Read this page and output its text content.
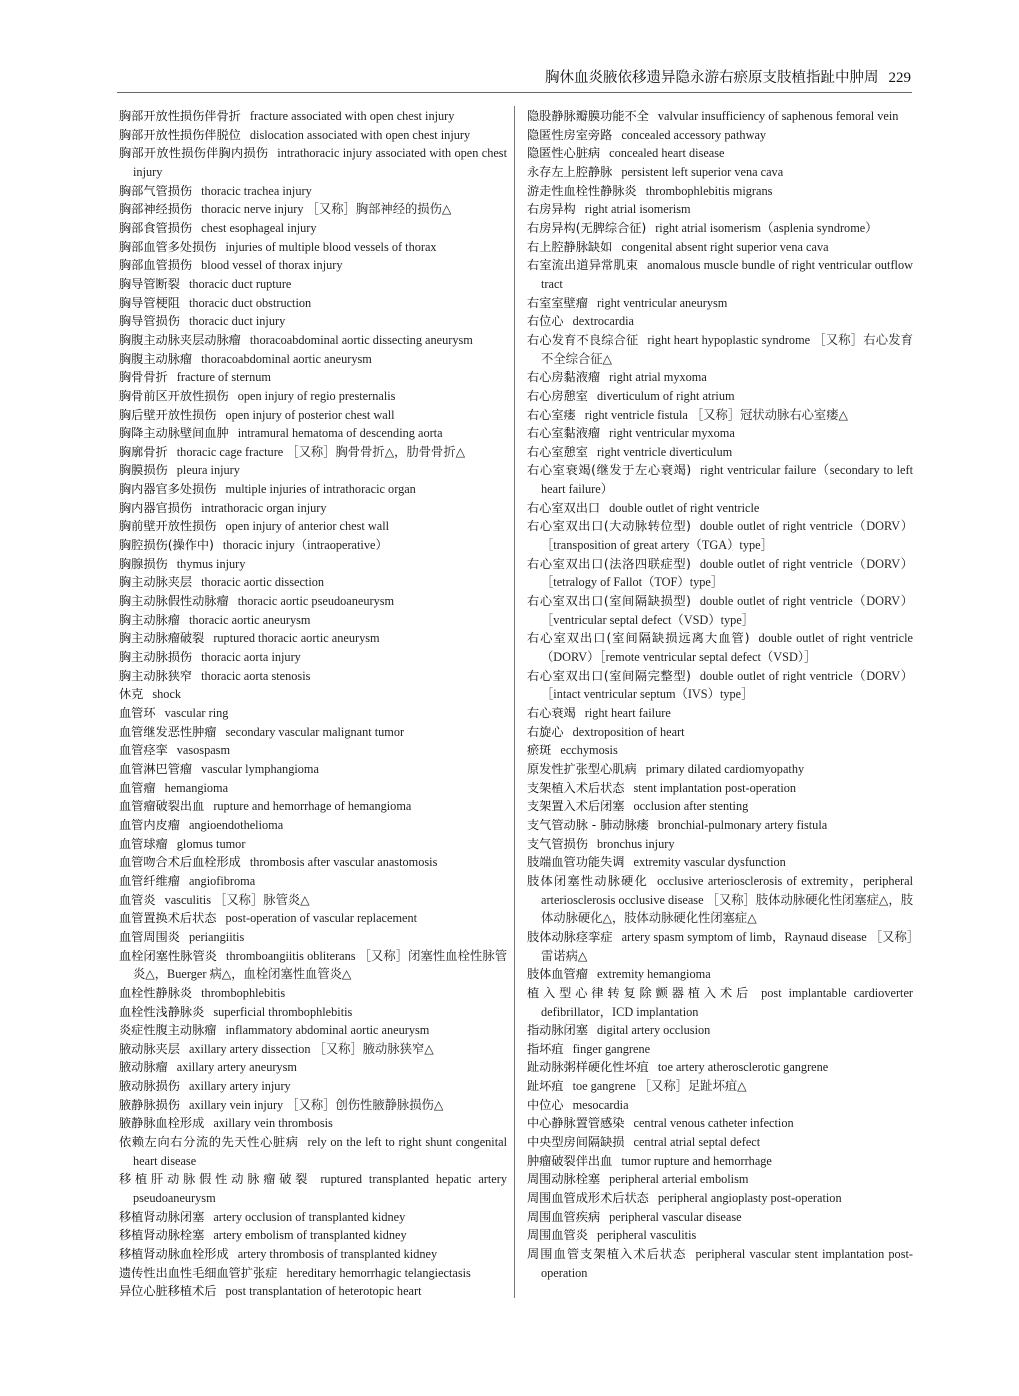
胸休血炎腋依移遗异隐永游右瘀原支肢植指趾中肿周 229
胸部开放性损伤伴骨折 fracture associated with open chest injury
胸部开放性损伤伴脱位 dislocation associated with open chest injury
胸部开放性损伤伴胸内损伤 intrathoracic injury associated with open chest injury
胸部气管损伤 thoracic trachea injury
胸部神经损伤 thoracic nerve injury ［又称］胸部神经的损伤△
胸部食管损伤 chest esophageal injury
胸部血管多处损伤 injuries of multiple blood vessels of thorax
胸部血管损伤 blood vessel of thorax injury
胸导管断裂 thoracic duct rupture
胸导管梗阻 thoracic duct obstruction
胸导管损伤 thoracic duct injury
胸腹主动脉夹层动脉瘤 thoracoabdominal aortic dissecting aneurysm
胸腹主动脉瘤 thoracoabdominal aortic aneurysm
胸骨骨折 fracture of sternum
胸骨前区开放性损伤 open injury of regio presternalis
胸后壁开放性损伤 open injury of posterior chest wall
胸降主动脉壁间血肿 intramural hematoma of descending aorta
胸廓骨折 thoracic cage fracture ［又称］胸骨骨折△，肋骨骨折△
胸膜损伤 pleura injury
胸内器官多处损伤 multiple injuries of intrathoracic organ
胸内器官损伤 intrathoracic organ injury
胸前壁开放性损伤 open injury of anterior chest wall
胸腔损伤(操作中) thoracic injury（intraoperative）
胸腺损伤 thymus injury
胸主动脉夹层 thoracic aortic dissection
胸主动脉假性动脉瘤 thoracic aortic pseudoaneurysm
胸主动脉瘤 thoracic aortic aneurysm
胸主动脉瘤破裂 ruptured thoracic aortic aneurysm
胸主动脉损伤 thoracic aorta injury
胸主动脉狭窄 thoracic aorta stenosis
休克 shock
血管环 vascular ring
血管继发恶性肿瘤 secondary vascular malignant tumor
血管痉挛 vasospasm
血管淋巴管瘤 vascular lymphangioma
血管瘤 hemangioma
血管瘤破裂出血 rupture and hemorrhage of hemangioma
血管内皮瘤 angioendothelioma
血管球瘤 glomus tumor
血管吻合术后血栓形成 thrombosis after vascular anastomosis
血管纤维瘤 angiofibroma
血管炎 vasculitis ［又称］脉管炎△
血管置换术后状态 post-operation of vascular replacement
血管周围炎 periangiitis
血栓闭塞性脉管炎 thromboangiitis obliterans ［又称］闭塞性血栓性脉管炎△，Buerger 病△，血栓闭塞性血管炎△
血栓性静脉炎 thrombophlebitis
血栓性浅静脉炎 superficial thrombophlebitis
炎症性腹主动脉瘤 inflammatory abdominal aortic aneurysm
腋动脉夹层 axillary artery dissection ［又称］腋动脉狭窄△
腋动脉瘤 axillary artery aneurysm
腋动脉损伤 axillary artery injury
腋静脉损伤 axillary vein injury ［又称］创伤性腋静脉损伤△
腋静脉血栓形成 axillary vein thrombosis
依赖左向右分流的先天性心脏病 rely on the left to right shunt congenital heart disease
移植肝动脉假性动脉瘤破裂 ruptured transplanted hepatic artery pseudoaneurysm
移植肾动脉闭塞 artery occlusion of transplanted kidney
移植肾动脉栓塞 artery embolism of transplanted kidney
移植肾动脉血栓形成 artery thrombosis of transplanted kidney
遗传性出血性毛细血管扩张症 hereditary hemorrhagic telangiectasis
异位心脏移植术后 post transplantation of heterotopic heart
隐股静脉瓣膜功能不全 valvular insufficiency of saphenous femoral vein
隐匿性房室旁路 concealed accessory pathway
隐匿性心脏病 concealed heart disease
永存左上腔静脉 persistent left superior vena cava
游走性血栓性静脉炎 thrombophlebitis migrans
右房异构 right atrial isomerism
右房异构(无脾综合征) right atrial isomerism（asplenia syndrome）
右上腔静脉缺如 congenital absent right superior vena cava
右室流出道异常肌束 anomalous muscle bundle of right ventricular outflow tract
右室室壁瘤 right ventricular aneurysm
右位心 dextrocardia
右心发育不良综合征 right heart hypoplastic syndrome ［又称］右心发育不全综合征△
右心房黏液瘤 right atrial myxoma
右心房憩室 diverticulum of right atrium
右心室瘘 right ventricle fistula ［又称］冠状动脉右心室瘘△
右心室黏液瘤 right ventricular myxoma
右心室憩室 right ventricle diverticulum
右心室衰竭(继发于左心衰竭) right ventricular failure（secondary to left heart failure）
右心室双出口 double outlet of right ventricle
右心室双出口(大动脉转位型) double outlet of right ventricle（DORV）［transposition of great artery（TGA）type］
右心室双出口(法洛四联症型) double outlet of right ventricle（DORV）［tetralogy of Fallot（TOF）type］
右心室双出口(室间隔缺损型) double outlet of right ventricle（DORV）［ventricular septal defect（VSD）type］
右心室双出口(室间隔缺损远离大血管) double outlet of right ventricle（DORV）［remote ventricular septal defect（VSD）］
右心室双出口(室间隔完整型) double outlet of right ventricle（DORV）［intact ventricular septum（IVS）type］
右心衰竭 right heart failure
右旋心 dextroposition of heart
瘀斑 ecchymosis
原发性扩张型心肌病 primary dilated cardiomyopathy
支架植入术后状态 stent implantation post-operation
支架置入术后闭塞 occlusion after stenting
支气管动脉 - 肺动脉瘘 bronchial-pulmonary artery fistula
支气管损伤 bronchus injury
肢端血管功能失调 extremity vascular dysfunction
肢体闭塞性动脉硬化 occlusive arteriosclerosis of extremity，peripheral arteriosclerosis occlusive disease ［又称］肢体动脉硬化性闭塞症△，肢体动脉硬化△，肢体动脉硬化性闭塞症△
肢体动脉痉挛症 artery spasm symptom of limb，Raynaud disease ［又称］雷诺病△
肢体血管瘤 extremity hemangioma
植入型心律转复除颤器植入术后 post implantable cardioverter defibrillator，ICD implantation
指动脉闭塞 digital artery occlusion
指坏疽 finger gangrene
趾动脉粥样硬化性坏疽 toe artery atherosclerotic gangrene
趾坏疽 toe gangrene ［又称］足趾坏疽△
中位心 mesocardia
中心静脉置管感染 central venous catheter infection
中央型房间隔缺损 central atrial septal defect
肿瘤破裂伴出血 tumor rupture and hemorrhage
周围动脉栓塞 peripheral arterial embolism
周围血管成形术后状态 peripheral angioplasty post-operation
周围血管疾病 peripheral vascular disease
周围血管炎 peripheral vasculitis
周围血管支架植入术后状态 peripheral vascular stent implantation post-operation
